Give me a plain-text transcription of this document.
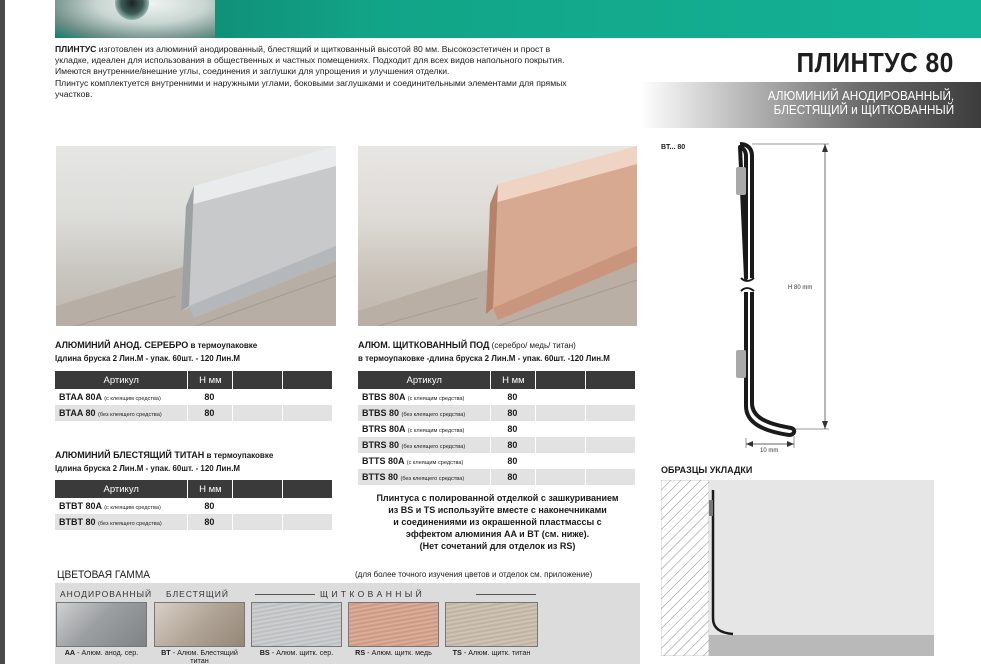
ПЛИНТУС изготовлен из алюминий анодированный, блестящий и щиткованный высотой 80 мм. Высокоэстетичен и прост в

укладке, идеален для использования в общественных и частных помещениях. Подходит для всех видов напольного покрытия.

Имеются внутренние/внешние углы, соединения и заглушки для упрощения и улучшения отделки.

Плинтус комплектуется внутренними и наружными углами, боковыми заглушками и соединительными элементами для прямых

участков.

ПЛИНТУС 80
АЛЮМИНИЙ АНОДИРОВАННЫЙ,
БЛЕСТЯЩИЙ и ЩИТКОВАННЫЙ
АЛЮМИНИЙ АНОД. СЕРЕБРО в термоупаковке
Iдлина бруска 2 Лин.М - упак. 60шт. - 120 Лин.М
Артикул	Н мм		
BTAA 80A (с клеящим средства)	80		
BTAA 80 (без клеящего средства)	80		
АЛЮМИНИЙ БЛЕСТЯЩИЙ ТИТАН в термоупаковке
Iдлина бруска 2 Лин.М - упак. 60шт. - 120 Лин.М
Артикул	Н мм		
BTBT 80A (с клеящим средства)	80		
BTBT 80 (без клеящего средства)	80		
АЛЮМ. ЩИТКОВАННЫЙ ПОД (серебро/ медь/ титан)
в термоупаковке -длина бруска 2 Лин.М - упак. 60шт. -120 Лин.М
Артикул	Н мм		
BTBS 80A (с клеящим средства)	80		
BTBS 80 (без клеящего средства)	80		
BTRS 80A (с клеящим средства)	80		
BTRS 80 (без клеящего средства)	80		
BTTS 80A (с клеящим средства)	80		
BTTS 80 (без клеящего средства)	80		
Плинтуса с полированной отделкой с зашкуриванием
из BS и TS используйте вместе с наконечниками
и соединениями из окрашенной пластмассы с
эффектом алюминия AA и BT (см. ниже).
(Нет сочетаний для отделок из RS)
ЦВЕТОВАЯ ГАММА	(для более точного изучения цветов и отделок см. приложение)
АНОДИРОВАННЫЙ БЛЕСТЯЩИЙ	Щ И Т К О В А Н Н Ы Й
AA - Алюм. анод. сер.	BT - Алюм. Блестящий
титан
BS - Алюм. щитк. сер.	RS - Алюм. щитк. медь	TS - Алюм. щитк. титан
BT... 80
H 80 mm
10 mm
ОБРАЗЦЫ УКЛАДКИ
